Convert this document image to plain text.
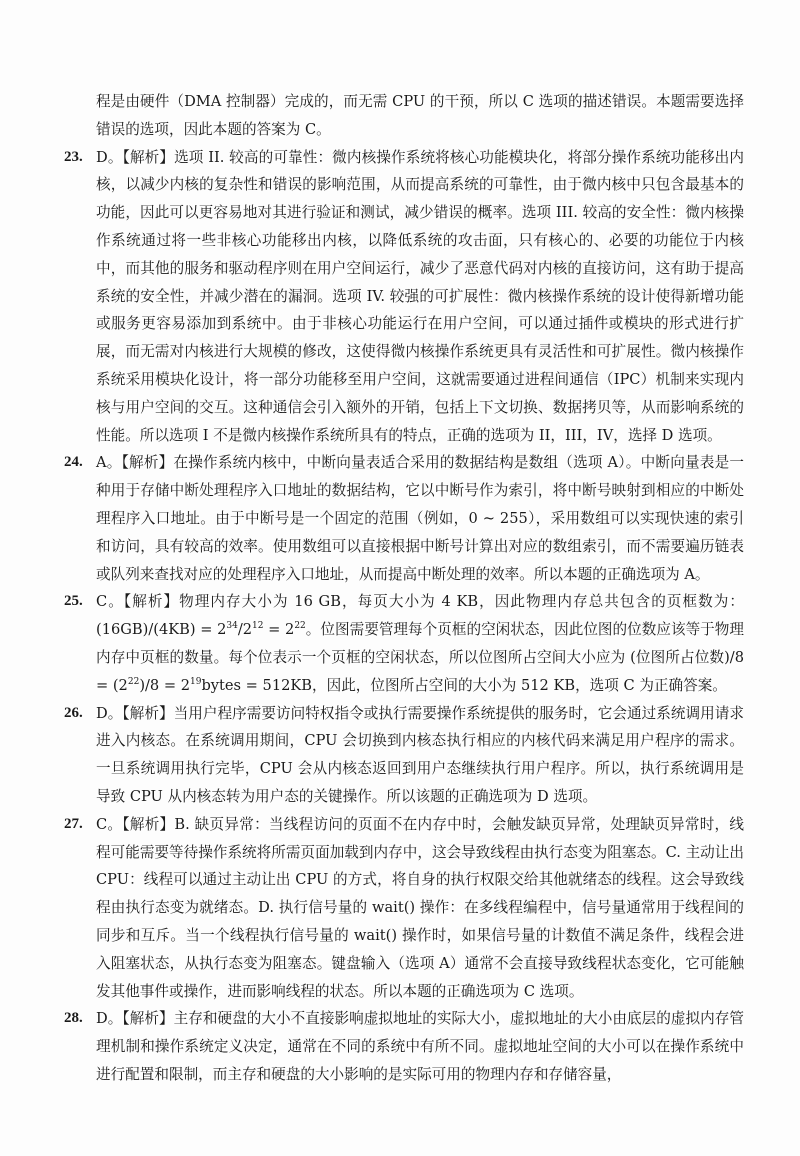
程是由硬件（DMA 控制器）完成的，而无需 CPU 的干预，所以 C 选项的描述错误。本题需要选择错误的选项，因此本题的答案为 C。

23. D。【解析】选项 II. 较高的可靠性：微内核操作系统将核心功能模块化，将部分操作系统功能移出内核，以减少内核的复杂性和错误的影响范围，从而提高系统的可靠性，由于微内核中只包含最基本的功能，因此可以更容易地对其进行验证和测试，减少错误的概率。选项 III. 较高的安全性：微内核操作系统通过将一些非核心功能移出内核，以降低系统的攻击面，只有核心的、必要的功能位于内核中，而其他的服务和驱动程序则在用户空间运行，减少了恶意代码对内核的直接访问，这有助于提高系统的安全性，并减少潜在的漏洞。选项 IV. 较强的可扩展性：微内核操作系统的设计使得新增功能或服务更容易添加到系统中。由于非核心功能运行在用户空间，可以通过插件或模块的形式进行扩展，而无需对内核进行大规模的修改，这使得微内核操作系统更具有灵活性和可扩展性。微内核操作系统采用模块化设计，将一部分功能移至用户空间，这就需要通过进程间通信（IPC）机制来实现内核与用户空间的交互。这种通信会引入额外的开销，包括上下文切换、数据拷贝等，从而影响系统的性能。所以选项 I 不是微内核操作系统所具有的特点，正确的选项为 II，III，IV，选择 D 选项。

24. A。【解析】在操作系统内核中，中断向量表适合采用的数据结构是数组（选项 A）。中断向量表是一种用于存储中断处理程序入口地址的数据结构，它以中断号作为索引，将中断号映射到相应的中断处理程序入口地址。由于中断号是一个固定的范围（例如，0 ~ 255），采用数组可以实现快速的索引和访问，具有较高的效率。使用数组可以直接根据中断号计算出对应的数组索引，而不需要遍历链表或队列来查找对应的处理程序入口地址，从而提高中断处理的效率。所以本题的正确选项为 A。

25. C。【解析】物理内存大小为 16 GB，每页大小为 4 KB，因此物理内存总共包含的页框数为：$(16GB)/(4KB) = 2^{34}/2^{12} = 2^{22}$。位图需要管理每个页框的空闲状态，因此位图的位数应该等于物理内存中页框的数量。每个位表示一个页框的空闲状态，所以位图所占空间大小应为 (位图所占位数)$/8 = (2^{22})/8$ = $2^{19}bytes = 512KB$，因此，位图所占空间的大小为 512 KB，选项 C 为正确答案。

26. D。【解析】当用户程序需要访问特权指令或执行需要操作系统提供的服务时，它会通过系统调用请求进入内核态。在系统调用期间，CPU 会切换到内核态执行相应的内核代码来满足用户程序的需求。一旦系统调用执行完毕，CPU 会从内核态返回到用户态继续执行用户程序。所以，执行系统调用是导致 CPU 从内核态转为用户态的关键操作。所以该题的正确选项为 D 选项。

27. C。【解析】B. 缺页异常：当线程访问的页面不在内存中时，会触发缺页异常，处理缺页异常时，线程可能需要等待操作系统将所需页面加载到内存中，这会导致线程由执行态变为阻塞态。C. 主动让出 CPU：线程可以通过主动让出 CPU 的方式，将自身的执行权限交给其他就绪态的线程。这会导致线程由执行态变为就绪态。D. 执行信号量的 wait() 操作：在多线程编程中，信号量通常用于线程间的同步和互斥。当一个线程执行信号量的 wait() 操作时，如果信号量的计数值不满足条件，线程会进入阻塞状态，从执行态变为阻塞态。键盘输入（选项 A）通常不会直接导致线程状态变化，它可能触发其他事件或操作，进而影响线程的状态。所以本题的正确选项为 C 选项。

28. D。【解析】主存和硬盘的大小不直接影响虚拟地址的实际大小，虚拟地址的大小由底层的虚拟内存管理机制和操作系统定义决定，通常在不同的系统中有所不同。虚拟地址空间的大小可以在操作系统中进行配置和限制，而主存和硬盘的大小影响的是实际可用的物理内存和存储容量，
